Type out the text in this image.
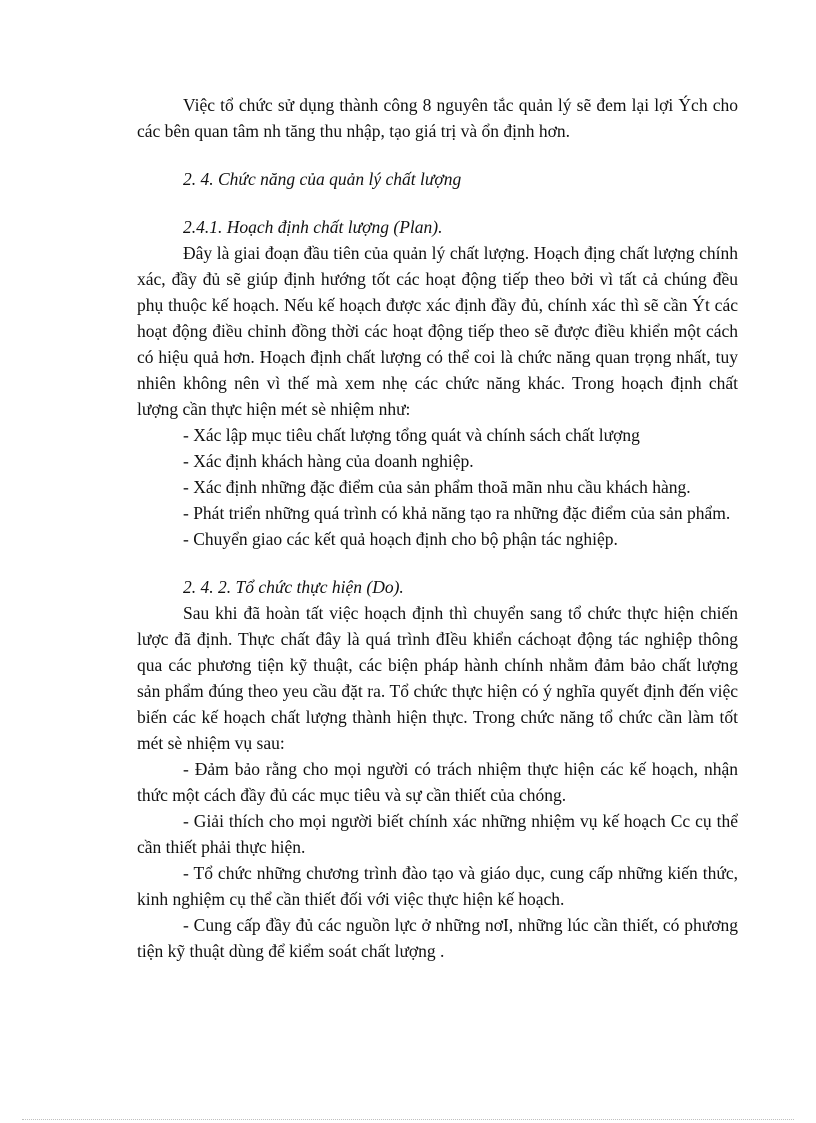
Việc tổ chức sử dụng thành công 8 nguyên tắc quản lý sẽ đem lại lợi Ých cho các bên quan tâm nh tăng thu nhập, tạo giá trị và ổn định hơn.

2. 4. Chức năng của quản lý chất lượng

2.4.1. Hoạch định chất lượng (Plan).

Đây là giai đoạn đầu tiên của quản lý chất lượng. Hoạch địng chất lượng chính xác, đầy đủ sẽ giúp định hướng tốt các hoạt động tiếp theo bởi vì tất cả chúng đều phụ thuộc kế hoạch. Nếu kế hoạch được xác định đầy đủ, chính xác thì sẽ cần Ýt các hoạt động điều chỉnh đồng thời các hoạt động tiếp theo sẽ được điều khiển một cách có hiệu quả hơn. Hoạch định chất lượng có thể coi là chức năng quan trọng nhất, tuy nhiên không nên vì thế mà xem nhẹ các chức năng khác. Trong hoạch định chất lượng cần thực hiện mét sè nhiệm như:

- Xác lập mục tiêu chất lượng tổng quát và chính sách chất lượng

- Xác định khách hàng của doanh nghiệp.

- Xác định những đặc điểm của sản phẩm thoã mãn nhu cầu khách hàng.

- Phát triển những quá trình có khả năng tạo ra những đặc điểm của sản phẩm.

- Chuyển giao các kết quả hoạch định cho bộ phận tác nghiệp.

2. 4. 2. Tổ chức thực hiện (Do).

Sau khi đã hoàn tất việc hoạch định thì chuyển sang tổ chức thực hiện chiến lược đã định. Thực chất đây là quá trình đIều khiển cáchoạt động tác nghiệp thông qua các phương tiện kỹ thuật, các biện pháp hành chính nhằm đảm bảo chất lượng sản phẩm đúng theo yeu cầu đặt ra. Tổ chức thực hiện có ý nghĩa quyết định đến việc biến các kế hoạch chất lượng thành hiện thực. Trong chức năng tổ chức cần làm tốt mét sè nhiệm vụ sau:

- Đảm bảo rằng cho mọi người có trách nhiệm thực hiện các kế hoạch, nhận thức một cách đầy đủ các mục tiêu và sự cần thiết của chóng.

- Giải thích cho mọi người biết chính xác những nhiệm vụ kế hoạch Cc cụ thể cần thiết phải thực hiện.

- Tổ chức những chương trình đào tạo và giáo dục, cung cấp những kiến thức, kinh nghiệm cụ thể cần thiết đối với việc thực hiện kế hoạch.

- Cung cấp đầy đủ các nguồn lực ở những nơI, những lúc cần thiết, có phương tiện kỹ thuật dùng để kiểm soát chất lượng .
